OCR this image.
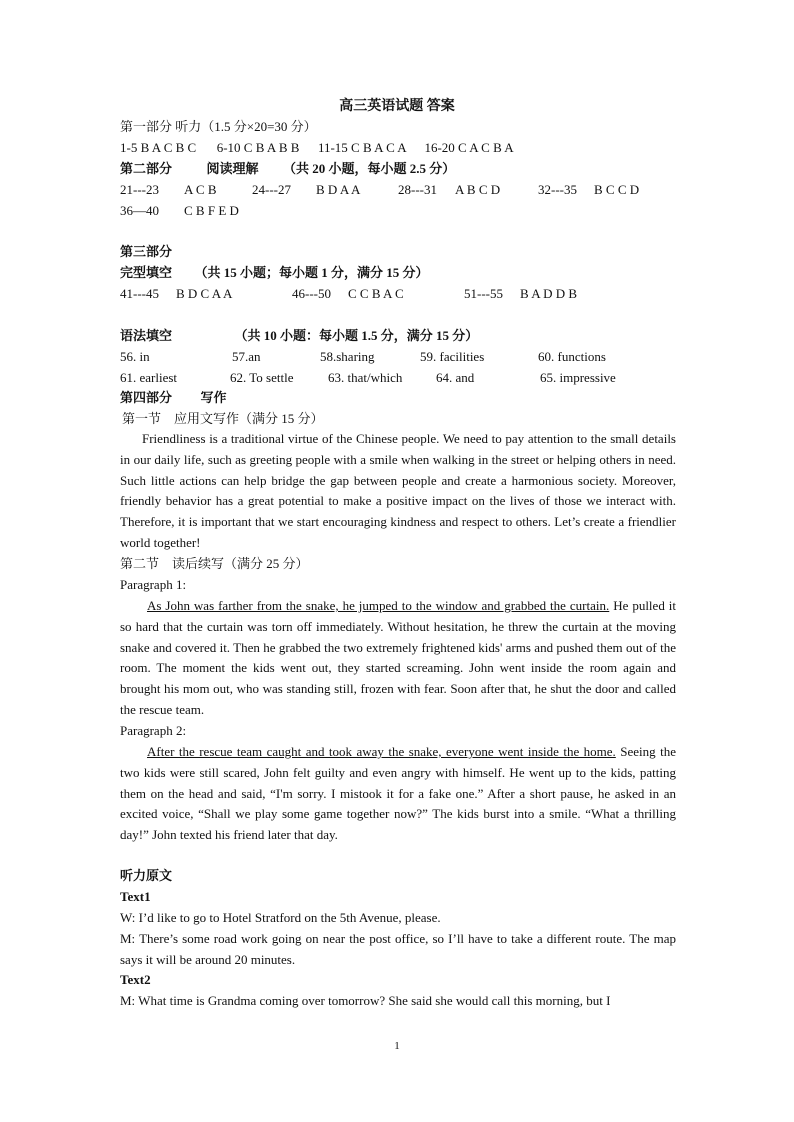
高三英语试题 答案
第一部分 听力（1.5 分×20=30 分）
1-5 B A C B C 6-10 C B A B B 11-15 C B A C A 16-20 C A C B A
第二部分	阅读理解 （共 20 小题，每小题 2.5 分）
21---23 A C B	24---27 B D A A	28---31 A B C D	32---35 B C C D
36—40 C B F E D
第三部分
完型填空 （共 15 小题；每小题 1 分，满分 15 分）
41---45 B D C A A	46---50 C C B A C	51---55 B A D D B
语法填空	（共 10 小题：每小题 1.5 分，满分 15 分）
56. in	57.an	58.sharing	59. facilities	60. functions
61. earliest	62. To settle	63. that/which	64. and	65. impressive
第四部分 写作
第一节　应用文写作（满分 15 分）
Friendliness is a traditional virtue of the Chinese people. We need to pay attention to the small details in our daily life, such as greeting people with a smile when walking in the street or helping others in need. Such little actions can help bridge the gap between people and create a harmonious society. Moreover, friendly behavior has a great potential to make a positive impact on the lives of those we interact with. Therefore, it is important that we start encouraging kindness and respect to others. Let’s create a friendlier world together!
第二节　读后续写（满分 25 分）
Paragraph 1:
As John was farther from the snake, he jumped to the window and grabbed the curtain. He pulled it so hard that the curtain was torn off immediately. Without hesitation, he threw the curtain at the moving snake and covered it. Then he grabbed the two extremely frightened kids' arms and pushed them out of the room. The moment the kids went out, they started screaming. John went inside the room again and brought his mom out, who was standing still, frozen with fear. Soon after that, he shut the door and called the rescue team.
Paragraph 2:
After the rescue team caught and took away the snake, everyone went inside the home. Seeing the two kids were still scared, John felt guilty and even angry with himself. He went up to the kids, patting them on the head and said, “I'm sorry. I mistook it for a fake one.” After a short pause, he asked in an excited voice, “Shall we play some game together now?” The kids burst into a smile. “What a thrilling day!” John texted his friend later that day.
听力原文
Text1
W: I’d like to go to Hotel Stratford on the 5th Avenue, please.
M: There’s some road work going on near the post office, so I’ll have to take a different route. The map says it will be around 20 minutes.
Text2
M: What time is Grandma coming over tomorrow? She said she would call this morning, but I
1
